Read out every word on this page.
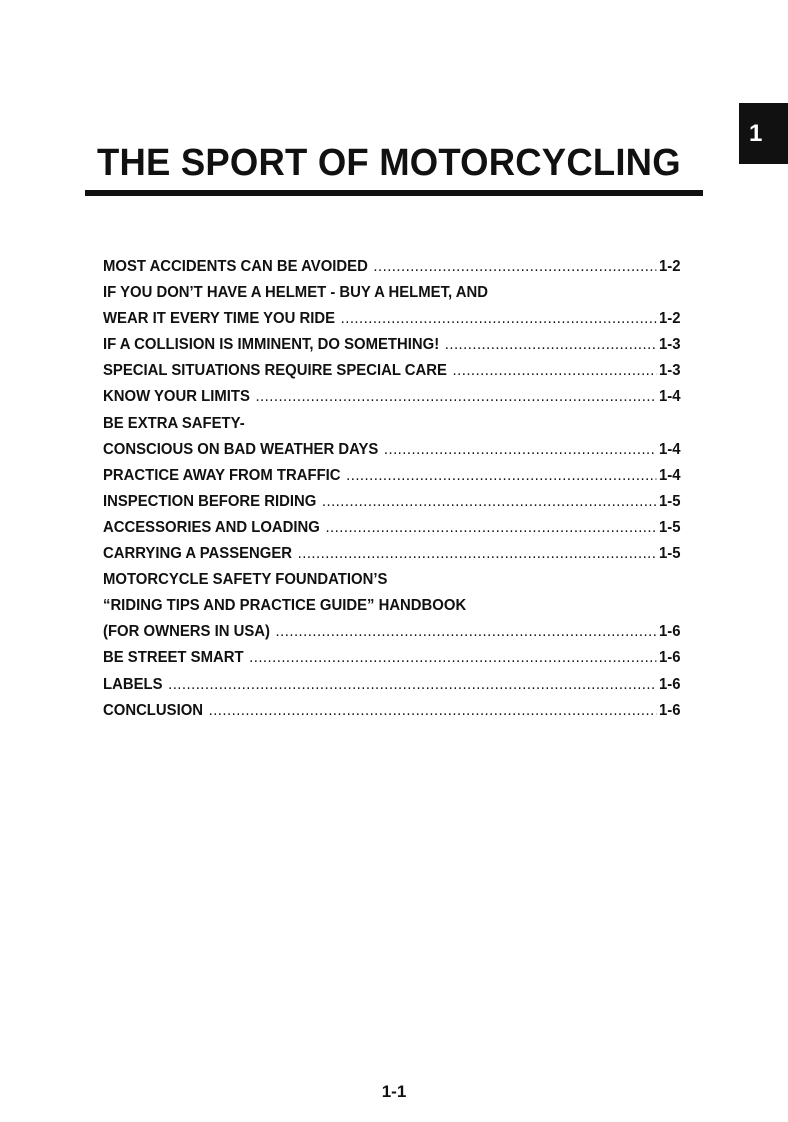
1
THE SPORT OF MOTORCYCLING
MOST ACCIDENTS CAN BE AVOIDED .....	1-2
IF YOU DON’T HAVE A HELMET - BUY A HELMET, AND
WEAR IT EVERY TIME YOU RIDE .....	1-2
IF A COLLISION IS IMMINENT, DO SOMETHING! .....	1-3
SPECIAL SITUATIONS REQUIRE SPECIAL CARE .....	1-3
KNOW YOUR LIMITS .....	1-4
BE EXTRA SAFETY-
CONSCIOUS ON BAD WEATHER DAYS .....	1-4
PRACTICE AWAY FROM TRAFFIC .....	1-4
INSPECTION BEFORE RIDING .....	1-5
ACCESSORIES AND LOADING .....	1-5
CARRYING A PASSENGER .....	1-5
MOTORCYCLE SAFETY FOUNDATION’S
“RIDING TIPS AND PRACTICE GUIDE” HANDBOOK
(FOR OWNERS IN USA) .....	1-6
BE STREET SMART .....	1-6
LABELS .....	1-6
CONCLUSION .....	1-6
1-1
